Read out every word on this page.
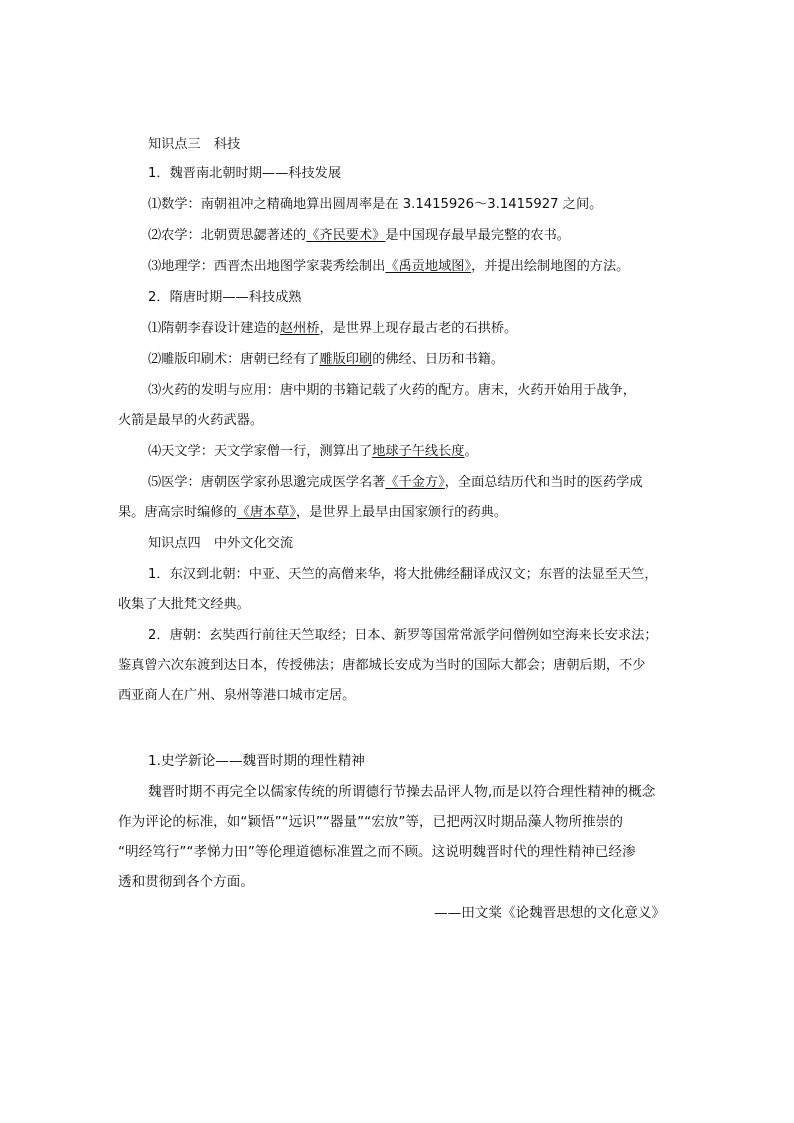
知识点三　科技

1．魏晋南北朝时期——科技发展

⑴数学：南朝祖冲之精确地算出圆周率是在 3.1415926～3.1415927 之间。

⑵农学：北朝贾思勰著述的《齐民要术》是中国现存最早最完整的农书。

⑶地理学：西晋杰出地图学家裴秀绘制出《禹贡地域图》，并提出绘制地图的方法。

2．隋唐时期——科技成熟

⑴隋朝李春设计建造的赵州桥，是世界上现存最古老的石拱桥。

⑵雕版印刷术：唐朝已经有了雕版印刷的佛经、日历和书籍。

⑶火药的发明与应用：唐中期的书籍记载了火药的配方。唐末，火药开始用于战争，

火箭是最早的火药武器。

⑷天文学：天文学家僧一行，测算出了地球子午线长度。

⑸医学：唐朝医学家孙思邈完成医学名著《千金方》，全面总结历代和当时的医药学成

果。唐高宗时编修的《唐本草》，是世界上最早由国家颁行的药典。

知识点四　中外文化交流

1．东汉到北朝：中亚、天竺的高僧来华，将大批佛经翻译成汉文；东晋的法显至天竺，

收集了大批梵文经典。

2．唐朝：玄奘西行前往天竺取经；日本、新罗等国常常派学问僧例如空海来长安求法；

鉴真曾六次东渡到达日本，传授佛法；唐都城长安成为当时的国际大都会；唐朝后期，不少

西亚商人在广州、泉州等港口城市定居。

1.史学新论——魏晋时期的理性精神

魏晋时期不再完全以儒家传统的所谓德行节操去品评人物,而是以符合理性精神的概念

作为评论的标准，如“颖悟”“远识”“器量”“宏放”等，已把两汉时期品藻人物所推崇的

“明经笃行”“孝悌力田”等伦理道德标准置之而不顾。这说明魏晋时代的理性精神已经渗

透和贯彻到各个方面。

——田文棠《论魏晋思想的文化意义》
